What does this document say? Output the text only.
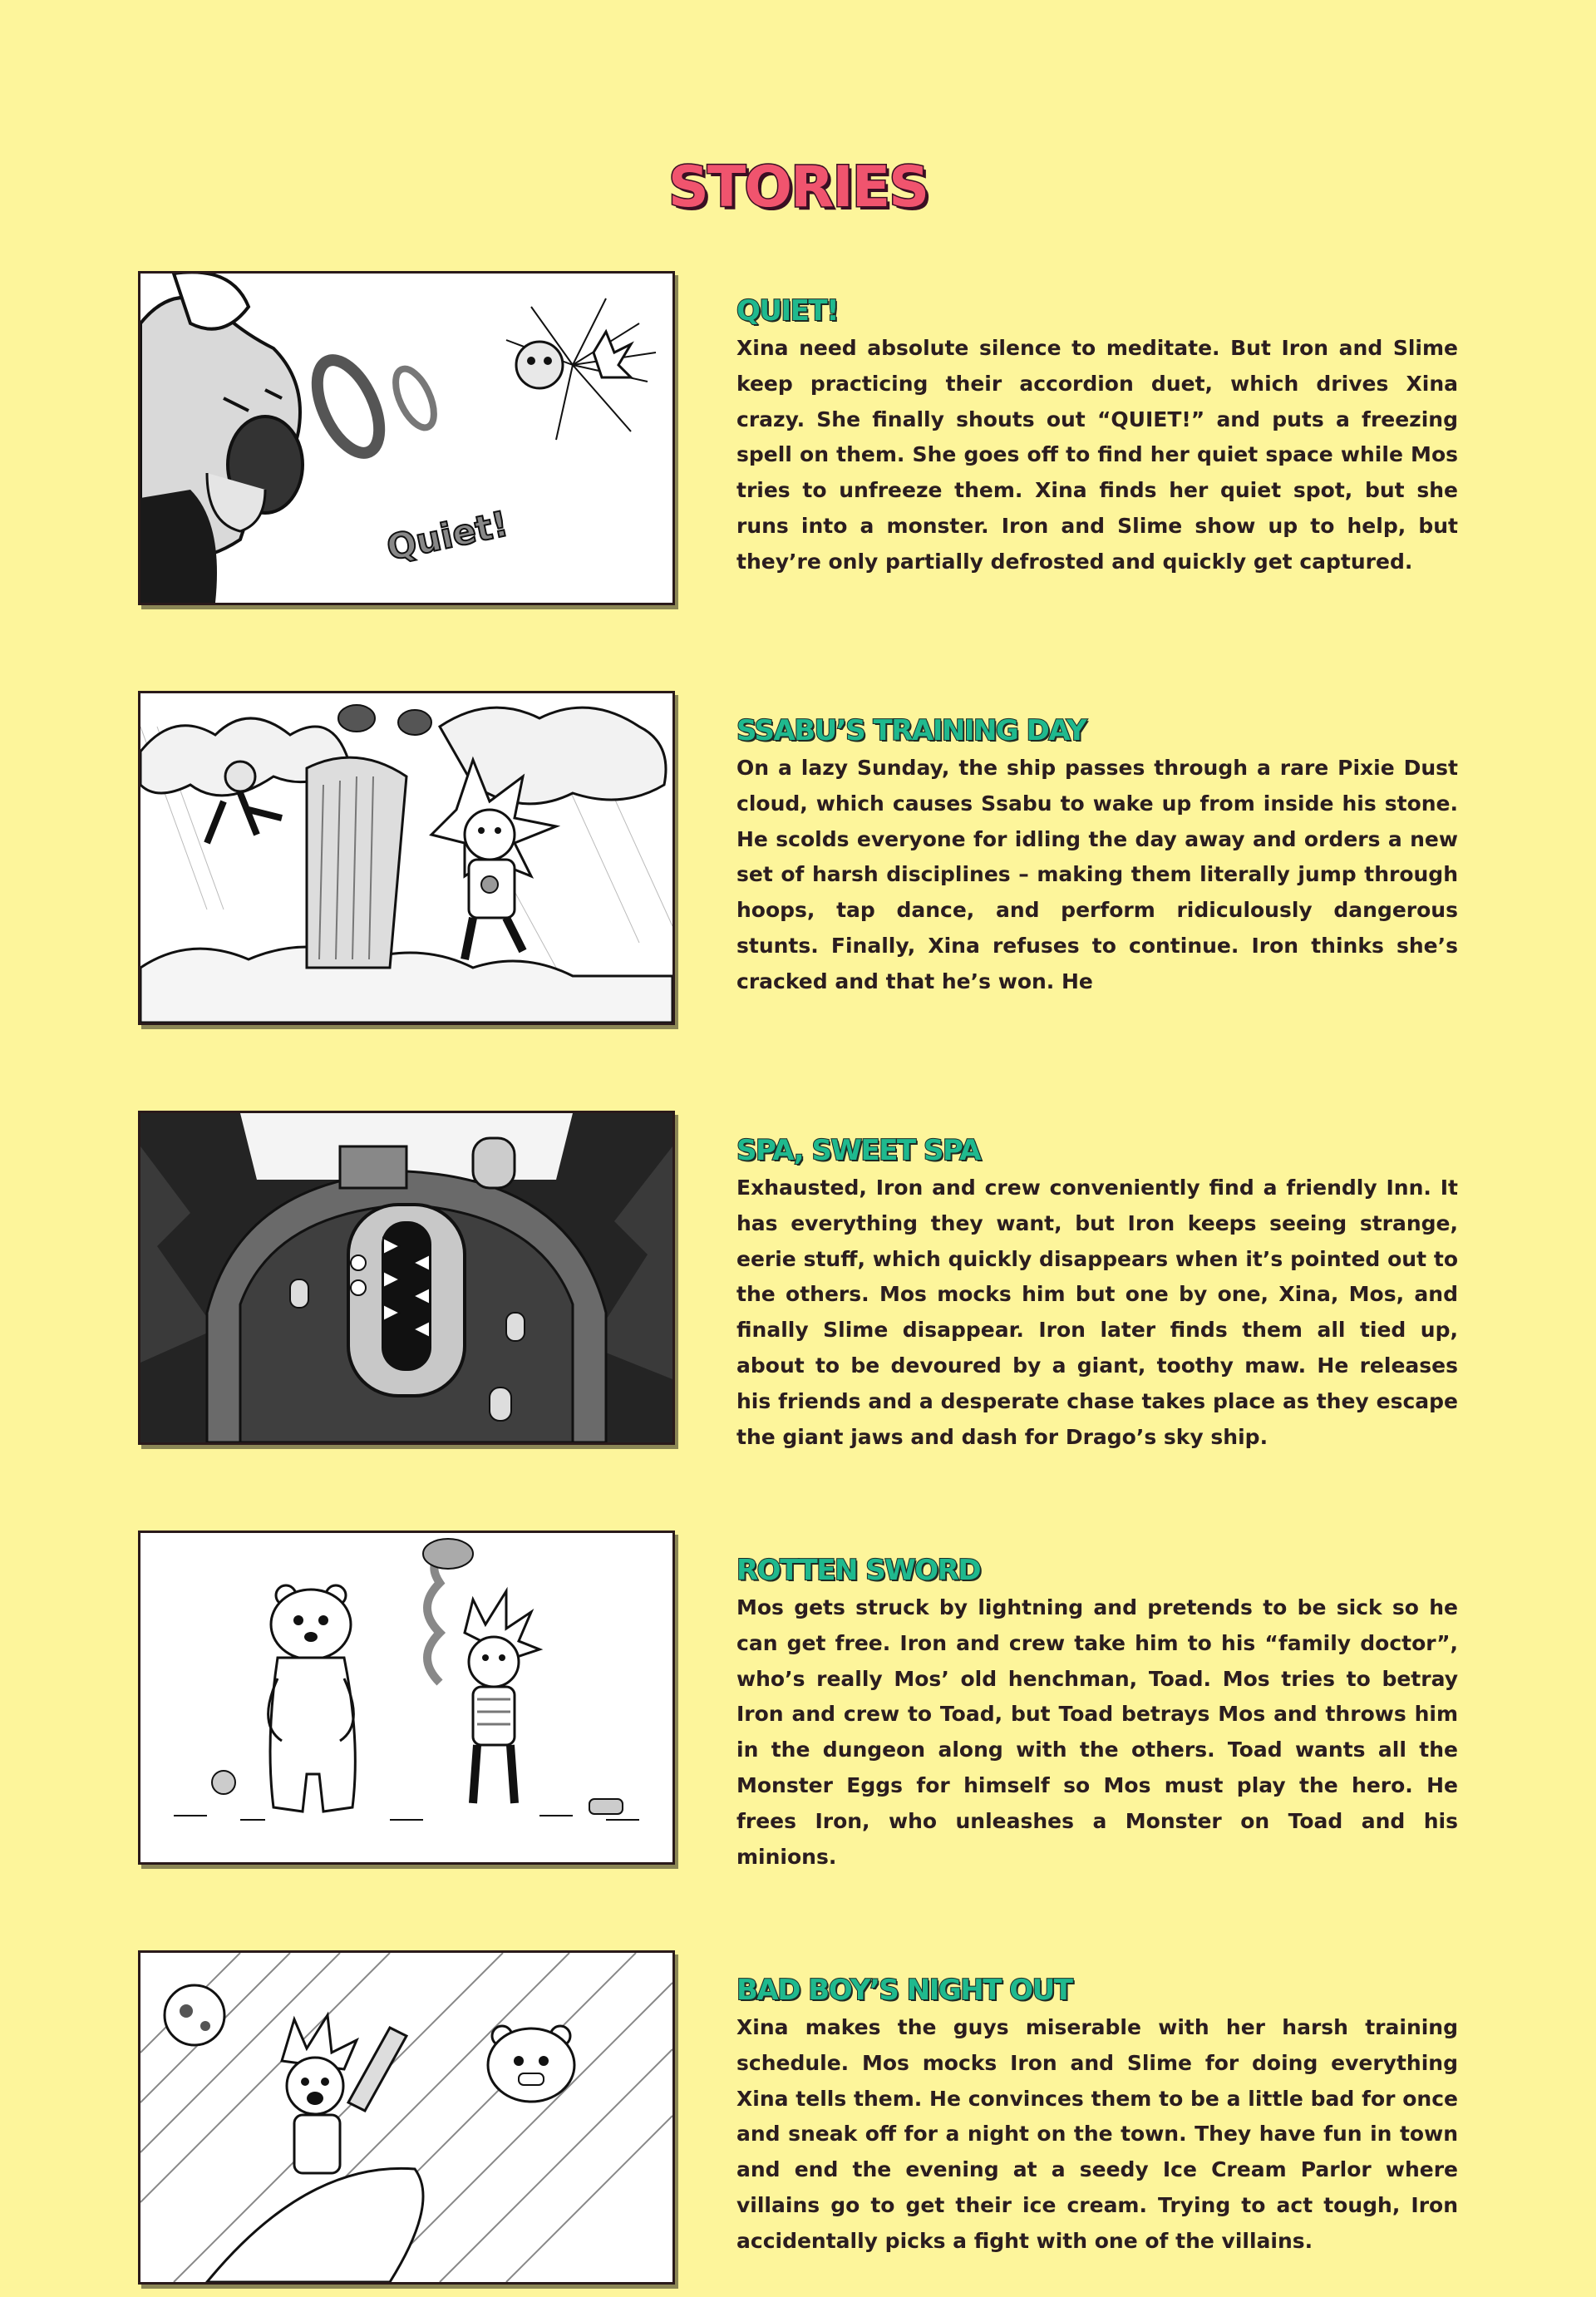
STORIES
Quiet!
QUIET!

Xina need absolute silence to meditate. But Iron and Slime keep practicing their accordion duet, which drives Xina crazy. She finally shouts out “QUIET!” and puts a freezing spell on them. She goes off to find her quiet space while Mos tries to unfreeze them. Xina finds her quiet spot, but she runs into a monster. Iron and Slime show up to help, but they’re only partially defrosted and quickly get captured.

SSABU’S TRAINING DAY

On a lazy Sunday, the ship passes through a rare Pixie Dust cloud, which causes Ssabu to wake up from inside his stone. He scolds everyone for idling the day away and orders a new set of harsh disciplines – making them literally jump through hoops, tap dance, and perform ridiculously dangerous stunts. Finally, Xina refuses to continue. Iron thinks she’s cracked and that he’s won. He

SPA, SWEET SPA

Exhausted, Iron and crew conveniently find a friendly Inn. It has everything they want, but Iron keeps seeing strange, eerie stuff, which quickly disappears when it’s pointed out to the others. Mos mocks him but one by one, Xina, Mos, and finally Slime disappear. Iron later finds them all tied up, about to be devoured by a giant, toothy maw. He releases his friends and a desperate chase takes place as they escape the giant jaws and dash for Drago’s sky ship.

ROTTEN SWORD

Mos gets struck by lightning and pretends to be sick so he can get free. Iron and crew take him to his “family doctor”, who’s really Mos’ old henchman, Toad. Mos tries to betray Iron and crew to Toad, but Toad betrays Mos and throws him in the dungeon along with the others. Toad wants all the Monster Eggs for himself so Mos must play the hero. He frees Iron, who unleashes a Monster on Toad and his minions.

BAD BOY’S NIGHT OUT

Xina makes the guys miserable with her harsh training schedule. Mos mocks Iron and Slime for doing everything Xina tells them. He convinces them to be a little bad for once and sneak off for a night on the town. They have fun in town and end the evening at a seedy Ice Cream Parlor where villains go to get their ice cream. Trying to act tough, Iron accidentally picks a fight with one of the villains.
